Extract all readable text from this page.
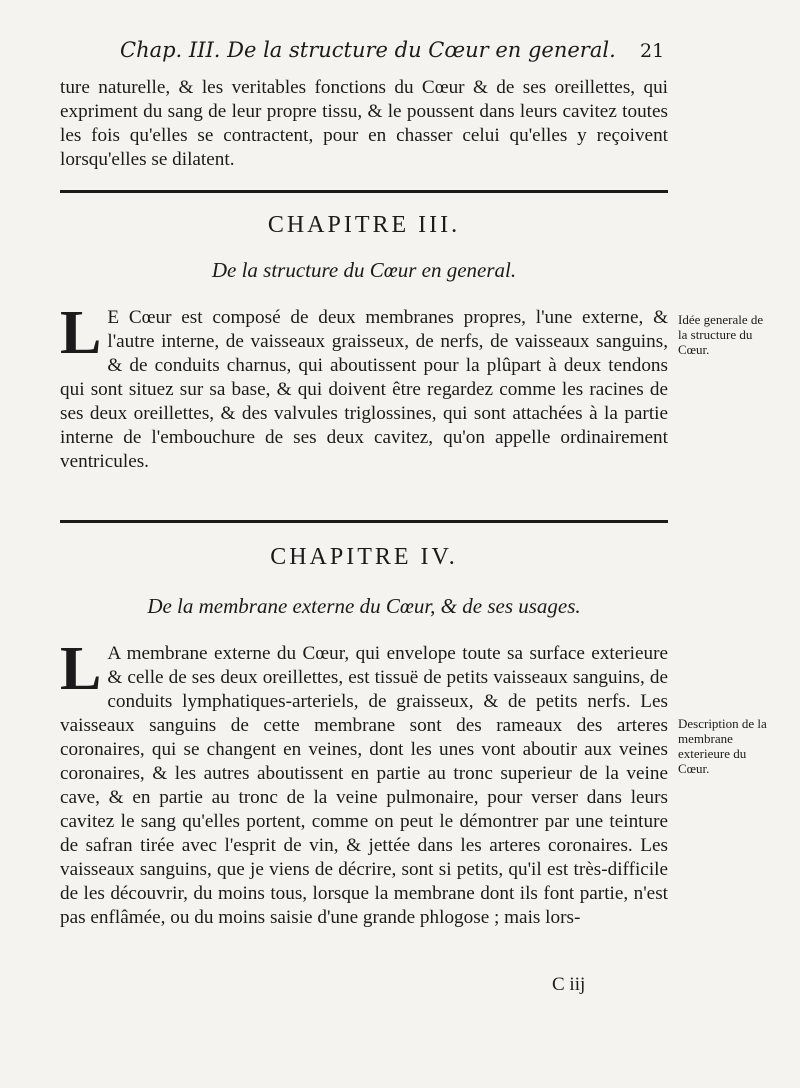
Chap. III. De la structure du Cœur en general.	21

ture naturelle, & les veritables fonctions du Cœur & de ses oreillettes, qui expriment du sang de leur propre tissu, & le poussent dans leurs cavitez toutes les fois qu'elles se contractent, pour en chasser celui qu'elles y reçoivent lorsqu'elles se dilatent.

CHAPITRE III.
De la structure du Cœur en general.

L E Cœur est composé de deux membranes propres, l'une externe, & l'autre interne, de vaisseaux graisseux, de nerfs, de vaisseaux sanguins, & de conduits charnus, qui aboutissent pour la plûpart à deux tendons qui sont situez sur sa base, & qui doivent être regardez comme les racines de ses deux oreillettes, & des valvules triglossines, qui sont attachées à la partie interne de l'embouchure de ses deux cavitez, qu'on appelle ordinairement ventricules.

Idée generale de la structure du Cœur.
CHAPITRE IV.
De la membrane externe du Cœur, & de ses usages.

L A membrane externe du Cœur, qui envelope toute sa surface exterieure & celle de ses deux oreillettes, est tissuë de petits vaisseaux sanguins, de conduits lymphatiques-arteriels, de graisseux, & de petits nerfs. Les vaisseaux sanguins de cette membrane sont des rameaux des arteres coronaires, qui se changent en veines, dont les unes vont aboutir aux veines coronaires, & les autres aboutissent en partie au tronc superieur de la veine cave, & en partie au tronc de la veine pulmonaire, pour verser dans leurs cavitez le sang qu'elles portent, comme on peut le démontrer par une teinture de safran tirée avec l'esprit de vin, & jettée dans les arteres coronaires. Les vaisseaux sanguins, que je viens de décrire, sont si petits, qu'il est très-difficile de les découvrir, du moins tous, lorsque la membrane dont ils font partie, n'est pas enflâmée, ou du moins saisie d'une grande phlogose ; mais lors-

Description de la membrane exterieure du Cœur.
C iij
